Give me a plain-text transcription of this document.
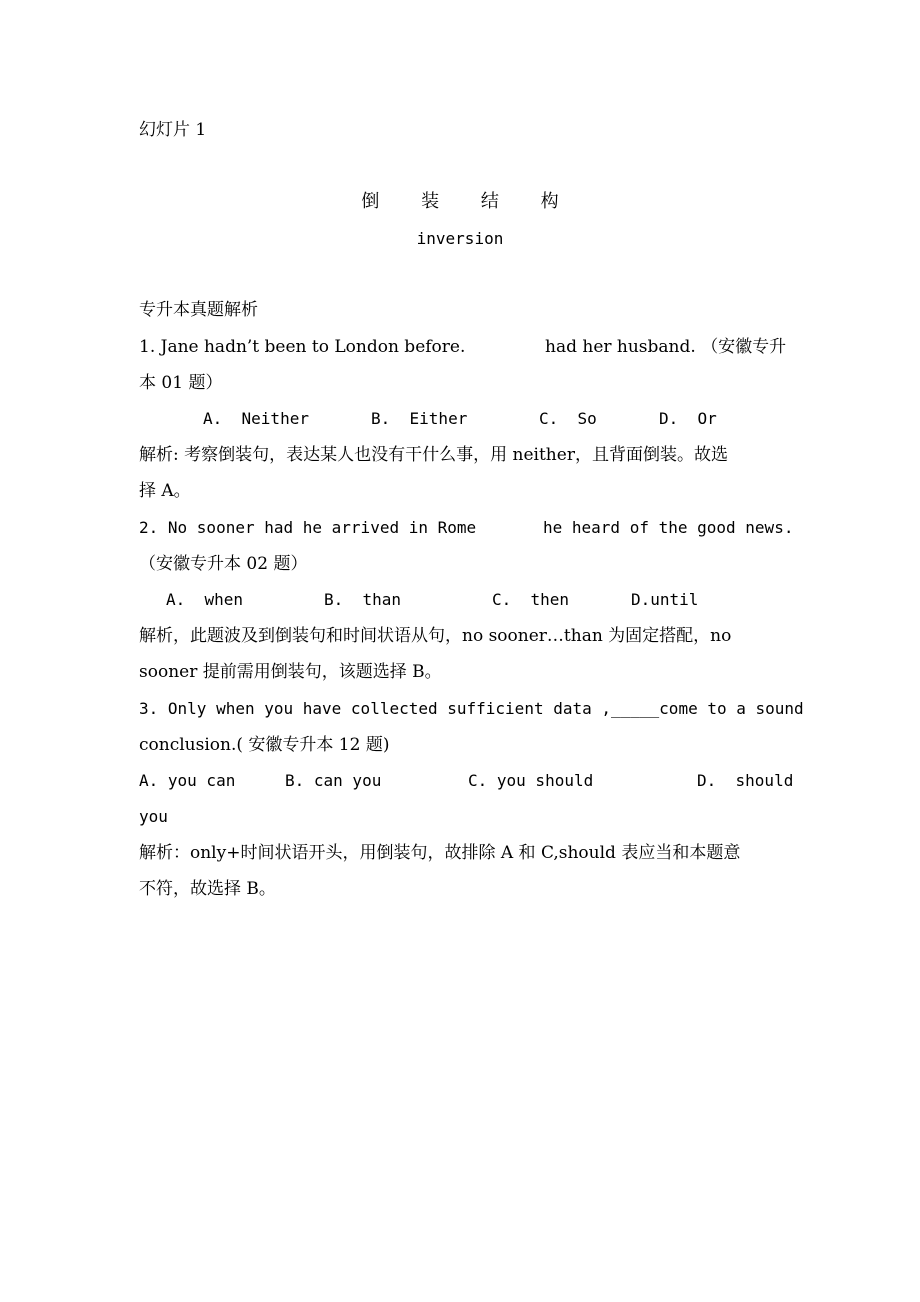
幻灯片 1
倒 装 结 构
inversion
专升本真题解析
1. Jane hadn’t been to London before.	had her husband. （安徽专升
本 01 题）
A.  Neither	B.  Either	C.  So	D.  Or
解析: 考察倒装句，表达某人也没有干什么事，用 neither，且背面倒装。故选
择 A。
2. No sooner had he arrived in Rome	he heard of the good news.
（安徽专升本 02 题）
A.  when	B.  than	C.  then	D.until
解析，此题波及到倒装句和时间状语从句，no sooner…than 为固定搭配，no
sooner 提前需用倒装句，该题选择 B。
3. Only when you have collected sufficient data ,_____come to a sound
conclusion.( 安徽专升本 12 题)
A. you can	B. can you	C. you should	D.  should
you
解析：only+时间状语开头，用倒装句，故排除 A 和 C,should 表应当和本题意
不符，故选择 B。
